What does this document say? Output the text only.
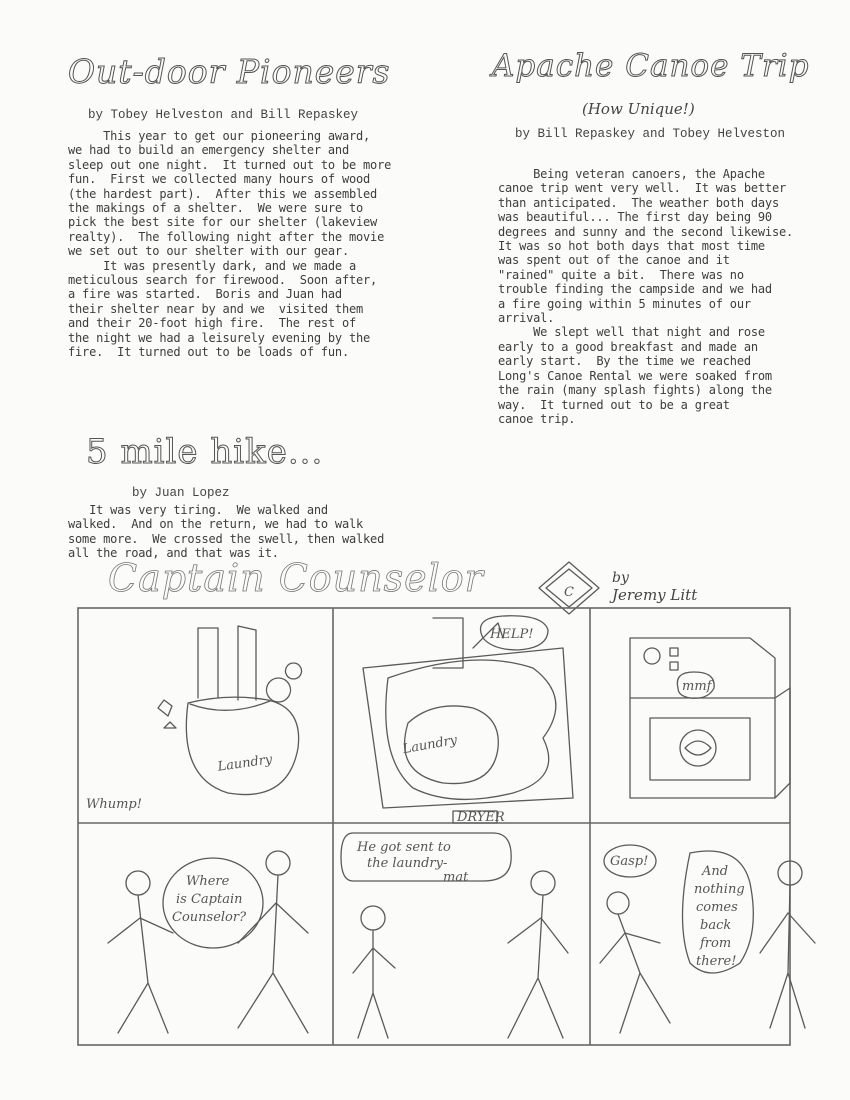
Out-door Pioneers
by Tobey Helveston and Bill Repaskey
This year to get our pioneering award,
we had to build an emergency shelter and
sleep out one night.  It turned out to be more
fun.  First we collected many hours of wood
(the hardest part).  After this we assembled
the makings of a shelter.  We were sure to
pick the best site for our shelter (lakeview
realty).  The following night after the movie
we set out to our shelter with our gear.
It was presently dark, and we made a
meticulous search for firewood.  Soon after,
a fire was started.  Boris and Juan had
their shelter near by and we  visited them
and their 20-foot high fire.  The rest of
the night we had a leisurely evening by the
fire.  It turned out to be loads of fun.
5 mile hike...
by Juan Lopez
It was very tiring.  We walked and
walked.  And on the return, we had to walk
some more.  We crossed the swell, then walked
all the road, and that was it.
Apache Canoe Trip
(How Unique!)
by Bill Repaskey and Tobey Helveston
Being veteran canoers, the Apache
canoe trip went very well.  It was better
than anticipated.  The weather both days
was beautiful... The first day being 90
degrees and sunny and the second likewise.
It was so hot both days that most time
was spent out of the canoe and it
"rained" quite a bit.  There was no
trouble finding the campside and we had
a fire going within 5 minutes of our
arrival.
We slept well that night and rose
early to a good breakfast and made an
early start.  By the time we reached
Long's Canoe Rental we were soaked from
the rain (many splash fights) along the
way.  It turned out to be a great
canoe trip.
Captain Counselor	C
by
Jeremy Litt
Laundry
Whump!
HELP!
Laundry
DRYER
mmf
Where
is Captain
Counselor?
He got sent to
the laundry-
mat
Gasp!
And
nothing
comes
back
from
there!
